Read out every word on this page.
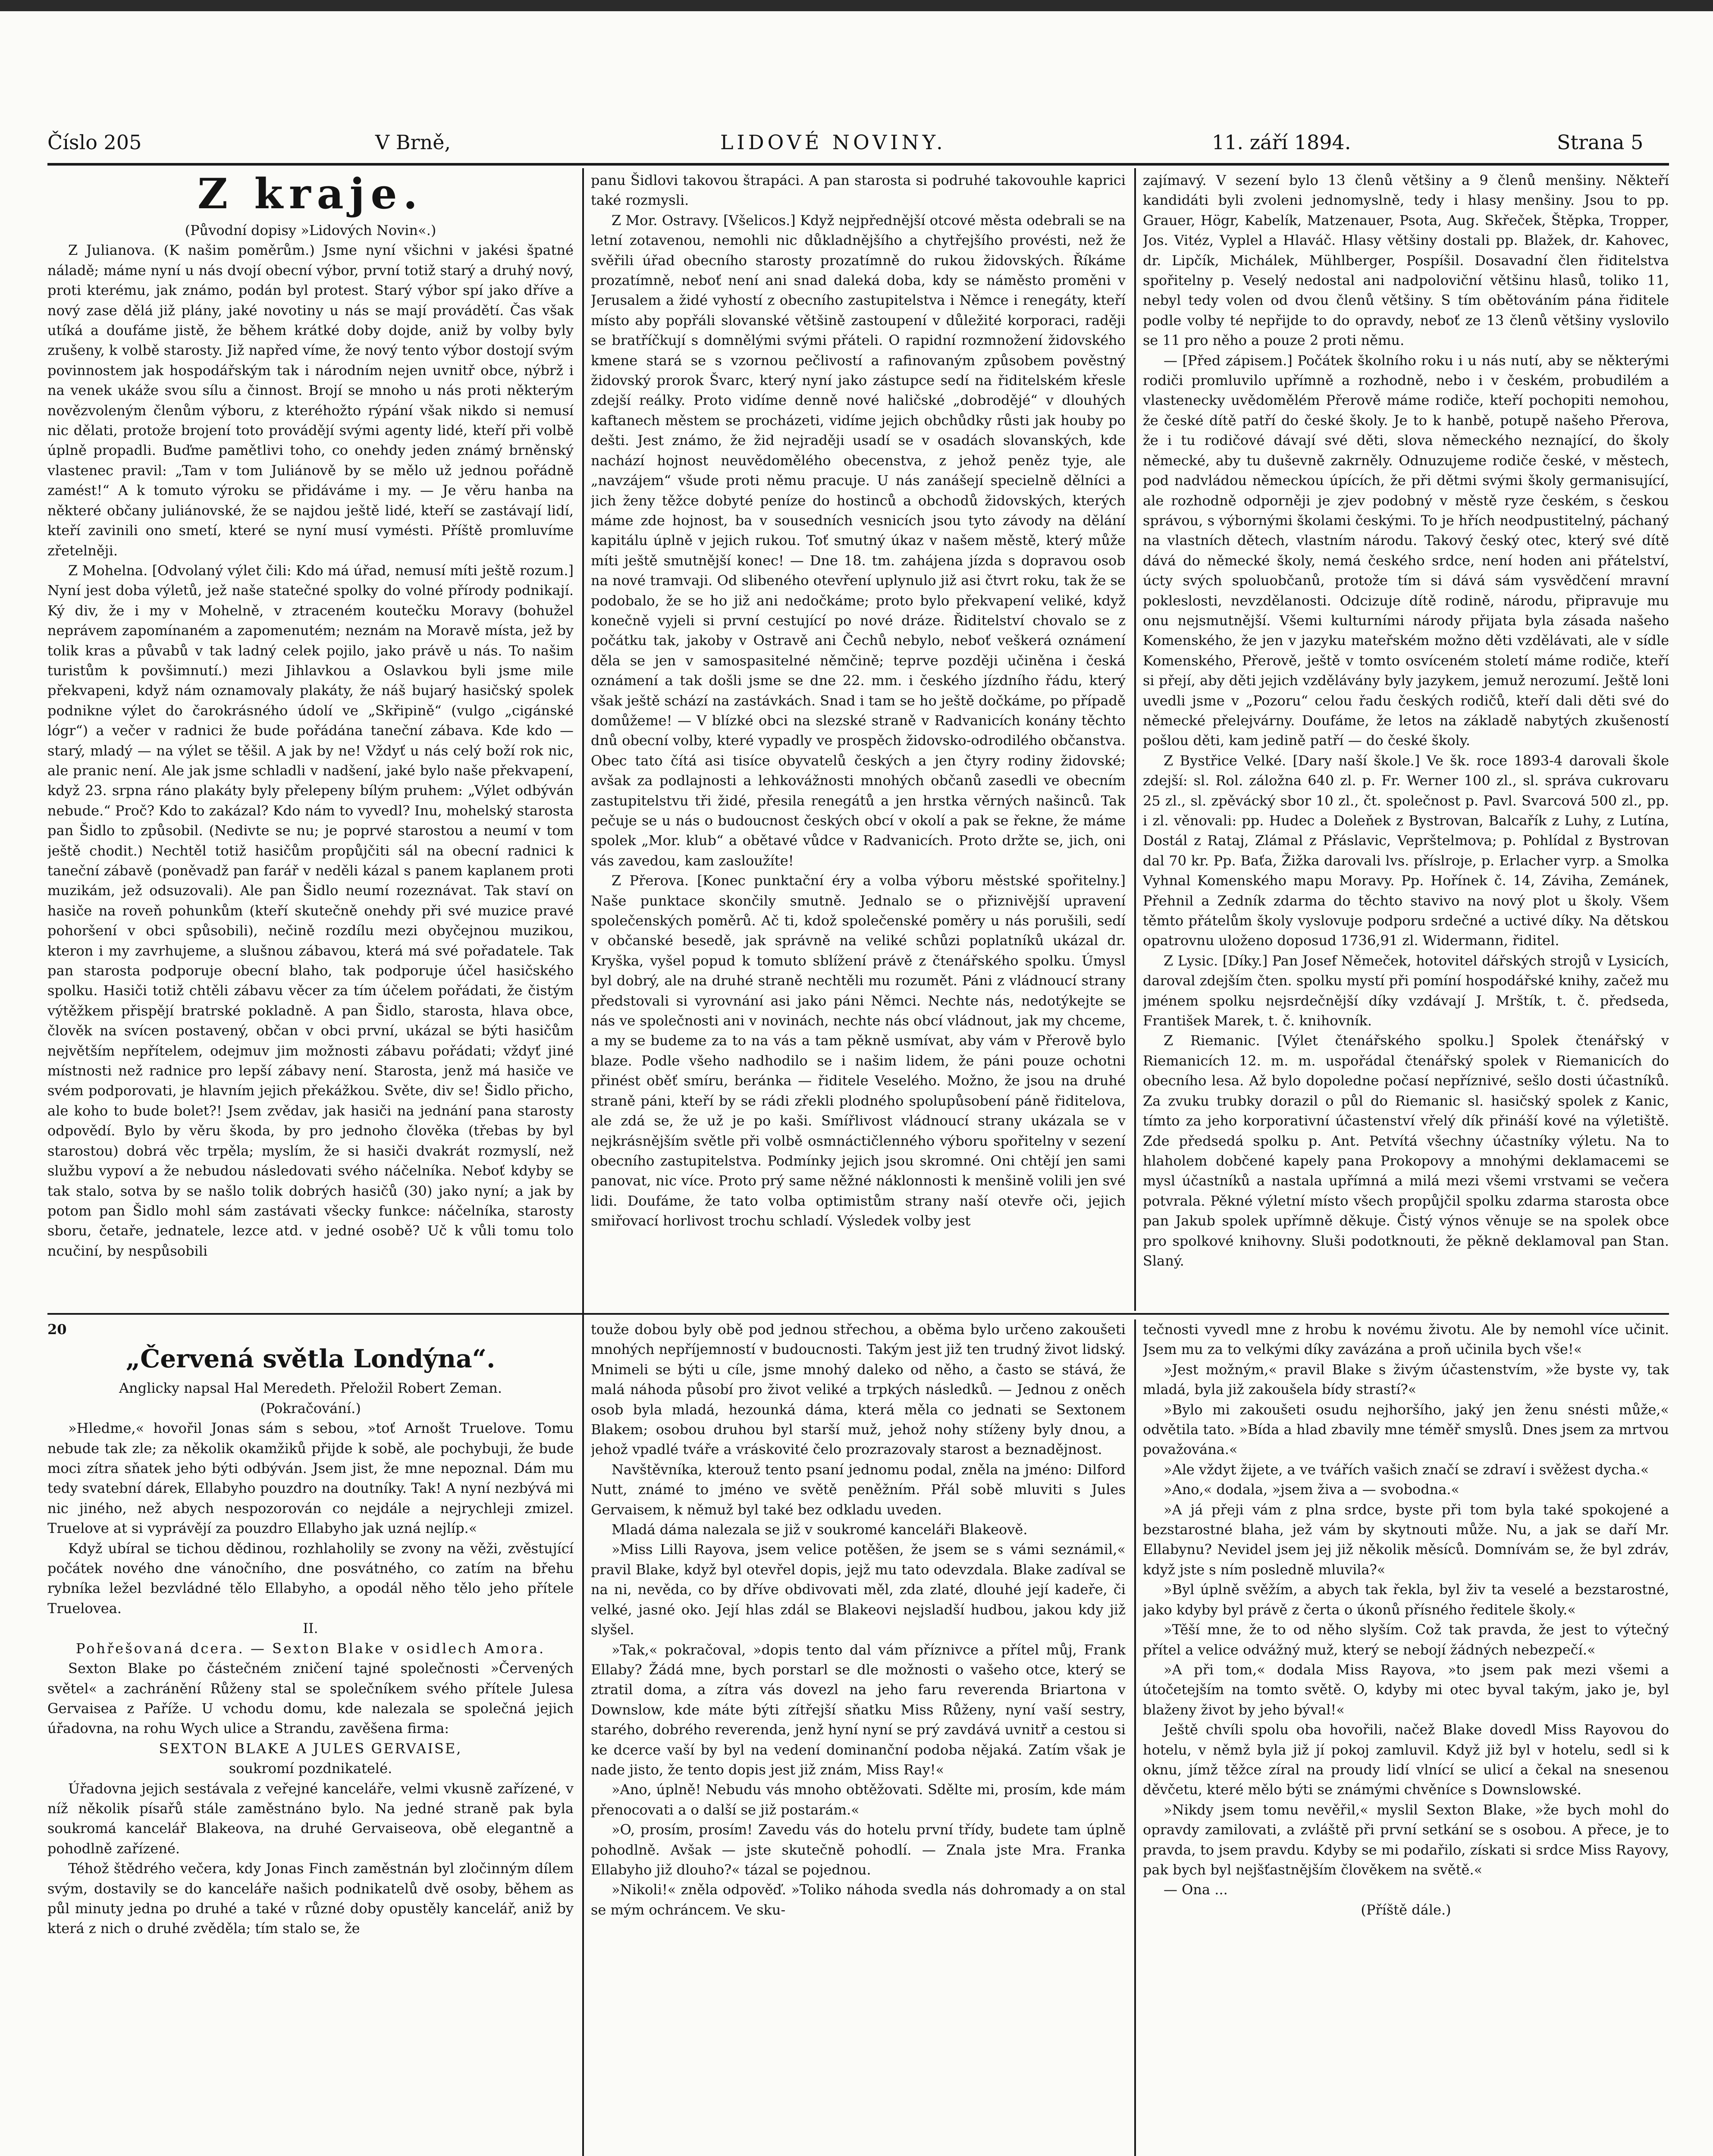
Číslo 205	V Brně,	LIDOVÉ NOVINY.	11. září 1894.	Strana 5
Z kraje.

(Původní dopisy »Lidových Novin«.)

Z Julianova. (K našim poměrům.) Jsme nyní všichni v jakési špatné náladě; máme nyní u nás dvojí obecní výbor, první totiž starý a druhý nový, proti kterému, jak známo, podán byl protest. Starý výbor spí jako dříve a nový zase dělá již plány, jaké novotiny u nás se mají provádětí. Čas však utíká a doufáme jistě, že během krátké doby dojde, aniž by volby byly zrušeny, k volbě starosty. Již napřed víme, že nový tento výbor dostojí svým povinnostem jak hospodářským tak i národním nejen uvnitř obce, nýbrž i na venek ukáže svou sílu a činnost. Brojí se mnoho u nás proti některým novězvoleným členům výboru, z kteréhožto rýpání však nikdo si nemusí nic dělati, protože brojení toto provádějí svými agenty lidé, kteří při volbě úplně propadli. Buďme pamětlivi toho, co onehdy jeden známý brněnský vlastenec pravil: „Tam v tom Juliánově by se mělo už jednou pořádně zamést!“ A k tomuto výroku se přidáváme i my. — Je věru hanba na některé občany juliánovské, že se najdou ještě lidé, kteří se zastávají lidí, kteří zavinili ono smetí, které se nyní musí vymésti. Příště promluvíme zřetelněji.

Z Mohelna. [Odvolaný výlet čili: Kdo má úřad, nemusí míti ještě rozum.] Nyní jest doba výletů, jež naše statečné spolky do volné přírody podnikají. Ký div, že i my v Mohelně, v ztraceném koutečku Moravy (bohužel neprávem zapomínaném a zapomenutém; neznám na Moravě místa, jež by tolik kras a půvabů v tak ladný celek pojilo, jako právě u nás. To našim turistům k povšimnutí.) mezi Jihlavkou a Oslavkou byli jsme mile překvapeni, když nám oznamovaly plakáty, že náš bujarý hasičský spolek podnikne výlet do čarokrásného údolí ve „Skřipině“ (vulgo „cigánské lógr“) a večer v radnici že bude pořádána taneční zábava. Kde kdo — starý, mladý — na výlet se těšil. A jak by ne! Vždyť u nás celý boží rok nic, ale pranic není. Ale jak jsme schladli v nadšení, jaké bylo naše překvapení, když 23. srpna ráno plakáty byly přelepeny bílým pruhem: „Výlet odbýván nebude.“ Proč? Kdo to zakázal? Kdo nám to vyvedl? Inu, mohelský starosta pan Šidlo to způsobil. (Nedivte se nu; je poprvé starostou a neumí v tom ještě chodit.) Nechtěl totiž hasičům propůjčiti sál na obecní radnici k taneční zábavě (poněvadž pan farář v neděli kázal s panem kaplanem proti muzikám, jež odsuzovali). Ale pan Šidlo neumí rozeznávat. Tak staví on hasiče na roveň pohunkům (kteří skutečně onehdy při své muzice pravé pohoršení v obci spůsobili), nečině rozdílu mezi obyčejnou muzikou, kteron i my zavrhujeme, a slušnou zábavou, která má své pořadatele. Tak pan starosta podporuje obecní blaho, tak podporuje účel hasičského spolku. Hasiči totiž chtěli zábavu věcer za tím účelem pořádati, že čistým výtěžkem přispějí bratrské pokladně. A pan Šidlo, starosta, hlava obce, člověk na svícen postavený, občan v obci první, ukázal se býti hasičům největším nepřítelem, odejmuv jim možnosti zábavu pořádati; vždyť jiné místnosti než radnice pro lepší zábavy není. Starosta, jenž má hasiče ve svém podporovati, je hlavním jejich překážkou. Světe, div se! Šidlo přicho, ale koho to bude bolet?! Jsem zvědav, jak hasiči na jednání pana starosty odpovědí. Bylo by věru škoda, by pro jednoho člověka (třebas by byl starostou) dobrá věc trpěla; myslím, že si hasiči dvakrát rozmyslí, než službu vypoví a že nebudou následovati svého náčelníka. Neboť kdyby se tak stalo, sotva by se našlo tolik dobrých hasičů (30) jako nyní; a jak by potom pan Šidlo mohl sám zastávati všecky funkce: náčelníka, starosty sboru, četaře, jednatele, lezce atd. v jedné osobě? Uč k vůli tomu tolo ncučiní, by nespůsobili

panu Šidlovi takovou štrapáci. A pan starosta si podruhé takovouhle kaprici také rozmysli.

Z Mor. Ostravy. [Všelicos.] Když nejpřednější otcové města odebrali se na letní zotavenou, nemohli nic důkladnějšího a chytřejšího provésti, než že svěřili úřad obecního starosty prozatímně do rukou židovských. Říkáme prozatímně, neboť není ani snad daleká doba, kdy se náměsto proměni v Jerusalem a židé vyhostí z obecního zastupitelstva i Němce i renegáty, kteří místo aby popřáli slovanské většině zastoupení v důležité korporaci, raději se bratříčkují s domnělými svými přáteli. O rapidní rozmnožení židovského kmene stará se s vzornou pečlivostí a rafinovaným způsobem pověstný židovský prorok Švarc, který nyní jako zástupce sedí na řiditelském křesle zdejší reálky. Proto vidíme denně nové haličské „dobrodějé“ v dlouhých kaftanech městem se procházeti, vidíme jejich obchůdky růsti jak houby po dešti. Jest známo, že žid nejraději usadí se v osadách slovanských, kde nachází hojnost neuvědomělého obecenstva, z jehož peněz tyje, ale „navzájem“ všude proti němu pracuje. U nás zanášejí specielně dělníci a jich ženy těžce dobyté peníze do hostinců a obchodů židovských, kterých máme zde hojnost, ba v sousedních vesnicích jsou tyto závody na dělání kapitálu úplně v jejich rukou. Toť smutný úkaz v našem městě, který může míti ještě smutnější konec! — Dne 18. tm. zahájena jízda s dopravou osob na nové tramvaji. Od slibeného otevření uplynulo již asi čtvrt roku, tak že se podobalo, že se ho již ani nedočkáme; proto bylo překvapení veliké, když konečně vyjeli si první cestující po nové dráze. Řiditelství chovalo se z počátku tak, jakoby v Ostravě ani Čechů nebylo, neboť veškerá oznámení děla se jen v samospasitelné němčině; teprve později učiněna i česká oznámení a tak došli jsme se dne 22. mm. i českého jízdního řádu, který však ještě schází na zastávkách. Snad i tam se ho ještě dočkáme, po případě domůžeme! — V blízké obci na slezské straně v Radvanicích konány těchto dnů obecní volby, které vypadly ve prospěch židovsko-odrodilého občanstva. Obec tato čítá asi tisíce obyvatelů českých a jen čtyry rodiny židovské; avšak za podlajnosti a lehkovážnosti mnohých občanů zasedli ve obecním zastupitelstvu tři židé, přesila renegátů a jen hrstka věrných našinců. Tak pečuje se u nás o budoucnost českých obcí v okolí a pak se řekne, že máme spolek „Mor. klub“ a obětavé vůdce v Radvanicích. Proto držte se, jich, oni vás zavedou, kam zasloužíte!

Z Přerova. [Konec punktační éry a volba výboru městské spořitelny.] Naše punktace skončily smutně. Jednalo se o přiznivější upravení společenských poměrů. Ač ti, kdož společenské poměry u nás porušili, sedí v občanské besedě, jak správně na veliké schůzi poplatníků ukázal dr. Kryška, vyšel popud k tomuto sblížení právě z čtenářského spolku. Úmysl byl dobrý, ale na druhé straně nechtěli mu rozumět. Páni z vládnoucí strany předstovali si vyrovnání asi jako páni Němci. Nechte nás, nedotýkejte se nás ve společnosti ani v novinách, nechte nás obcí vládnout, jak my chceme, a my se budeme za to na vás a tam pěkně usmívat, aby vám v Přerově bylo blaze. Podle všeho nadhodilo se i našim lidem, že páni pouze ochotni přinést oběť smíru, beránka — řiditele Veselého. Možno, že jsou na druhé straně páni, kteří by se rádi zřekli plodného spolupůsobení páně řiditelova, ale zdá se, že už je po kaši. Smířlivost vládnoucí strany ukázala se v nejkrásnějším světle při volbě osmnáctičlenného výboru spořitelny v sezení obecního zastupitelstva. Podmínky jejich jsou skromné. Oni chtějí jen sami panovat, nic více. Proto prý same něžné náklonnosti k menšině volili jen své lidi. Doufáme, že tato volba optimistům strany naší otevře oči, jejich smiřovací horlivost trochu schladí. Výsledek volby jest

zajímavý. V sezení bylo 13 členů většiny a 9 členů menšiny. Někteří kandidáti byli zvoleni jednomyslně, tedy i hlasy menšiny. Jsou to pp. Grauer, Högr, Kabelík, Matzenauer, Psota, Aug. Skřeček, Štěpka, Tropper, Jos. Vitéz, Vyplel a Hlaváč. Hlasy většiny dostali pp. Blažek, dr. Kahovec, dr. Lipčík, Michálek, Mühlberger, Pospíšil. Dosavadní člen řiditelstva spořitelny p. Veselý nedostal ani nadpoloviční většinu hlasů, toliko 11, nebyl tedy volen od dvou členů většiny. S tím obětováním pána řiditele podle volby té nepřijde to do opravdy, neboť ze 13 členů většiny vyslovilo se 11 pro něho a pouze 2 proti němu.

— [Před zápisem.] Počátek školního roku i u nás nutí, aby se některými rodiči promluvilo upřímně a rozhodně, nebo i v českém, probudilém a vlastenecky uvědomělém Přerově máme rodiče, kteří pochopiti nemohou, že české dítě patří do české školy. Je to k hanbě, potupě našeho Přerova, že i tu rodičové dávají své děti, slova německého neznající, do školy německé, aby tu duševně zakrněly. Odnuzujeme rodiče české, v městech, pod nadvládou německou úpících, že při dětmi svými školy germanisující, ale rozhodně odporněji je zjev podobný v městě ryze českém, s českou správou, s výbornými školami českými. To je hřích neodpustitelný, páchaný na vlastních dětech, vlastním národu. Takový český otec, který své dítě dává do německé školy, nemá českého srdce, není hoden ani přátelství, úcty svých spoluobčanů, protože tím si dává sám vysvědčení mravní pokleslosti, nevzdělanosti. Odcizuje dítě rodině, národu, připravuje mu onu nejsmutnější. Všemi kulturními národy přijata byla zásada našeho Komenského, že jen v jazyku mateřském možno děti vzdělávati, ale v sídle Komenského, Přerově, ještě v tomto osvíceném století máme rodiče, kteří si přejí, aby děti jejich vzdělávány byly jazykem, jemuž nerozumí. Ještě loni uvedli jsme v „Pozoru“ celou řadu českých rodičů, kteří dali děti své do německé přelejvárny. Doufáme, že letos na základě nabytých zkušeností pošlou děti, kam jedině patří — do české školy.

Z Bystřice Velké. [Dary naší škole.] Ve šk. roce 1893-4 darovali škole zdejší: sl. Rol. záložna 640 zl. p. Fr. Werner 100 zl., sl. správa cukrovaru 25 zl., sl. zpěvácký sbor 10 zl., čt. společnost p. Pavl. Svarcová 500 zl., pp. i zl. věnovali: pp. Hudec a Doleňek z Bystrovan, Balcařík z Luhy, z Lutína, Dostál z Rataj, Zlámal z Přáslavic, Veprštelmova; p. Pohlídal z Bystrovan dal 70 kr. Pp. Baťa, Žižka darovali lvs. příslroje, p. Erlacher vyrp. a Smolka Vyhnal Komenského mapu Moravy. Pp. Hořínek č. 14, Záviha, Zemánek, Přehnil a Zedník zdarma do těchto stavivo na nový plot u školy. Všem těmto přátelům školy vyslovuje podporu srdečné a uctivé díky. Na dětskou opatrovnu uloženo doposud 1736,91 zl. Widermann, řiditel.

Z Lysic. [Díky.] Pan Josef Němeček, hotovitel dářských strojů v Lysicích, daroval zdejším čten. spolku mystí při pomíní hospodářské knihy, začež mu jménem spolku nejsrdečnější díky vzdávají J. Mrštík, t. č. předseda, František Marek, t. č. knihovník.

Z Riemanic. [Výlet čtenářského spolku.] Spolek čtenářský v Riemanicích 12. m. m. uspořádal čtenářský spolek v Riemanicích do obecního lesa. Až bylo dopoledne počasí nepříznivé, sešlo dosti účastníků. Za zvuku trubky dorazil o půl do Riemanic sl. hasičský spolek z Kanic, tímto za jeho korporativní účastenství vřelý dík přináší kové na výletiště. Zde předsedá spolku p. Ant. Petvítá všechny účastníky výletu. Na to hlaholem dobčené kapely pana Prokopovy a mnohými deklamacemi se mysl účastníků a nastala upřímná a milá mezi všemi vrstvami se večera potvrala. Pěkné výletní místo všech propůjčil spolku zdarma starosta obce pan Jakub spolek upřímně děkuje. Čistý výnos věnuje se na spolek obce pro spolkové knihovny. Sluši podotknouti, že pěkně deklamoval pan Stan. Slaný.

20

„Červená světla Londýna“.

Anglicky napsal Hal Meredeth. Přeložil Robert Zeman.

(Pokračování.)

»Hledme,« hovořil Jonas sám s sebou, »toť Arnošt Truelove. Tomu nebude tak zle; za několik okamžiků přijde k sobě, ale pochybuji, že bude moci zítra sňatek jeho býti odbýván. Jsem jist, že mne nepoznal. Dám mu tedy svatební dárek, Ellabyho pouzdro na doutníky. Tak! A nyní nezbývá mi nic jiného, než abych nespozorován co nejdále a nejrychleji zmizel. Truelove at si vyprávějí za pouzdro Ellabyho jak uzná nejlíp.«

Když ubíral se tichou dědinou, rozhlaholily se zvony na věži, zvěstující počátek nového dne vánočního, dne posvátného, co zatím na břehu rybníka ležel bezvládné tělo Ellabyho, a opodál něho tělo jeho přítele Truelovea.

II.

Pohřešovaná dcera. — Sexton Blake v osidlech Amora.

Sexton Blake po částečném zničení tajné společnosti »Červených světel« a zachránění Růženy stal se společníkem svého přítele Julesa Gervaisea z Paříže. U vchodu domu, kde nalezala se společná jejich úřadovna, na rohu Wych ulice a Strandu, zavěšena firma:

SEXTON BLAKE A JULES GERVAISE,

soukromí pozdnikatelé.

Úřadovna jejich sestávala z veřejné kanceláře, velmi vkusně zařízené, v níž několik písařů stále zaměstnáno bylo. Na jedné straně pak byla soukromá kancelář Blakeova, na druhé Gervaiseova, obě elegantně a pohodlně zařízené.

Téhož štědrého večera, kdy Jonas Finch zaměstnán byl zločinným dílem svým, dostavily se do kanceláře našich podnikatelů dvě osoby, během as půl minuty jedna po druhé a také v různé doby opustěly kancelář, aniž by která z nich o druhé zvěděla; tím stalo se, že

touže dobou byly obě pod jednou střechou, a oběma bylo určeno zakoušeti mnohých nepříjemností v budoucnosti. Takým jest již ten trudný život lidský. Mnimeli se býti u cíle, jsme mnohý daleko od něho, a často se stává, že malá náhoda působí pro život veliké a trpkých následků. — Jednou z oněch osob byla mladá, hezounká dáma, která měla co jednati se Sextonem Blakem; osobou druhou byl starší muž, jehož nohy stíženy byly dnou, a jehož vpadlé tváře a vráskovité čelo prozrazovaly starost a beznadějnost.

Navštěvníka, kterouž tento psaní jednomu podal, zněla na jméno: Dilford Nutt, známé to jméno ve světě peněžním. Přál sobě mluviti s Jules Gervaisem, k němuž byl také bez odkladu uveden.

Mladá dáma nalezala se již v soukromé kanceláři Blakeově.

»Miss Lilli Rayova, jsem velice potěšen, že jsem se s vámi seznámil,« pravil Blake, když byl otevřel dopis, jejž mu tato odevzdala. Blake zadíval se na ni, nevěda, co by dříve obdivovati měl, zda zlaté, dlouhé její kadeře, či velké, jasné oko. Její hlas zdál se Blakeovi nejsladší hudbou, jakou kdy již slyšel.

»Tak,« pokračoval, »dopis tento dal vám příznivce a přítel můj, Frank Ellaby? Žádá mne, bych porstarl se dle možnosti o vašeho otce, který se ztratil doma, a zítra vás dovezl na jeho faru reverenda Briartona v Downslow, kde máte býti zítřejší sňatku Miss Růženy, nyní vaší sestry, starého, dobrého reverenda, jenž hyní nyní se prý zavdává uvnitř a cestou si ke dcerce vaší by byl na vedení dominanční podoba nějaká. Zatím však je nade jisto, že tento dopis jest již znám, Miss Ray!«

»Ano, úplně! Nebudu vás mnoho obtěžovati. Sdělte mi, prosím, kde mám přenocovati a o další se již postarám.«

»O, prosím, prosím! Zavedu vás do hotelu první třídy, budete tam úplně pohodlně. Avšak — jste skutečně pohodlí. — Znala jste Mra. Franka Ellabyho již dlouho?« tázal se pojednou.

»Nikoli!« zněla odpověď. »Toliko náhoda svedla nás dohromady a on stal se mým ochráncem. Ve sku-

tečnosti vyvedl mne z hrobu k novému životu. Ale by nemohl více učinit. Jsem mu za to velkými díky zavázána a proň učinila bych vše!«

»Jest možným,« pravil Blake s živým účastenstvím, »že byste vy, tak mladá, byla již zakoušela bídy strastí?«

»Bylo mi zakoušeti osudu nejhoršího, jaký jen ženu snésti může,« odvětila tato. »Bída a hlad zbavily mne téměř smyslů. Dnes jsem za mrtvou považována.«

»Ale vždyt žijete, a ve tvářích vašich značí se zdraví i svěžest dycha.«

»Ano,« dodala, »jsem živa a — svobodna.«

»A já přeji vám z plna srdce, byste při tom byla také spokojené a bezstarostné blaha, jež vám by skytnouti může. Nu, a jak se daří Mr. Ellabynu? Nevidel jsem jej již několik měsíců. Domnívám se, že byl zdráv, když jste s ním posledně mluvila?«

»Byl úplně svěžím, a abych tak řekla, byl živ ta veselé a bezstarostné, jako kdyby byl právě z čerta o úkonů přísného ředitele školy.«

»Těší mne, že to od něho slyším. Což tak pravda, že jest to výtečný přítel a velice odvážný muž, který se nebojí žádných nebezpečí.«

»A při tom,« dodala Miss Rayova, »to jsem pak mezi všemi a útočetejším na tomto světě. O, kdyby mi otec byval takým, jako je, byl blaženy život by jeho býval!«

Ještě chvíli spolu oba hovořili, načež Blake dovedl Miss Rayovou do hotelu, v němž byla již jí pokoj zamluvil. Když již byl v hotelu, sedl si k oknu, jímž těžce zíral na proudy lidí vlnící se ulicí a čekal na snesenou děvčetu, které mělo býti se známými chvěníce s Downslowské.

»Nikdy jsem tomu nevěřil,« myslil Sexton Blake, »že bych mohl do opravdy zamilovati, a zvláště při první setkání se s osobou. A přece, je to pravda, to jsem pravdu. Kdyby se mi podařilo, získati si srdce Miss Rayovy, pak bych byl nejšťastnějším člověkem na světě.«

— Ona ...

(Příště dále.)
